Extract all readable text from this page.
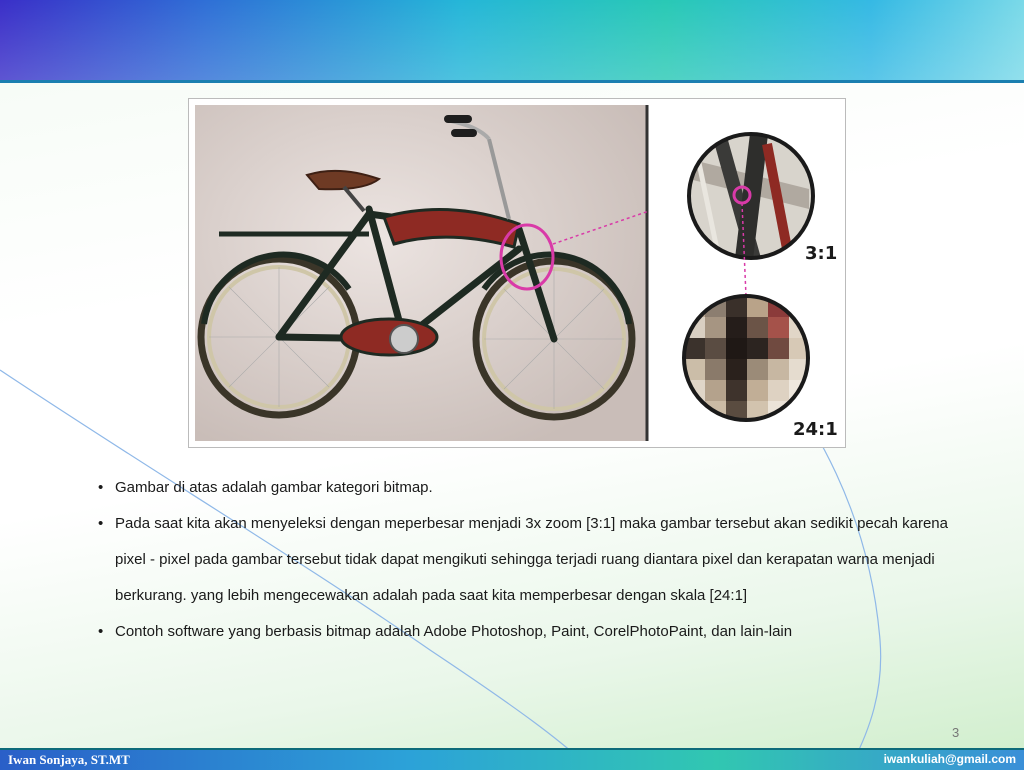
3:1
24:1
• Gambar di atas adalah gambar kategori bitmap.
• Pada saat kita akan menyeleksi dengan meperbesar menjadi 3x zoom [3:1] maka gambar tersebut akan sedikit pecah karena pixel - pixel pada gambar tersebut tidak dapat mengikuti sehingga terjadi ruang diantara pixel dan kerapatan warna menjadi berkurang. yang lebih mengecewakan adalah pada saat kita memperbesar dengan skala [24:1]
• Contoh software yang berbasis bitmap adalah Adobe Photoshop, Paint, CorelPhotoPaint, dan lain-lain
3
Iwan Sonjaya, ST.MT	iwankuliah@gmail.com
